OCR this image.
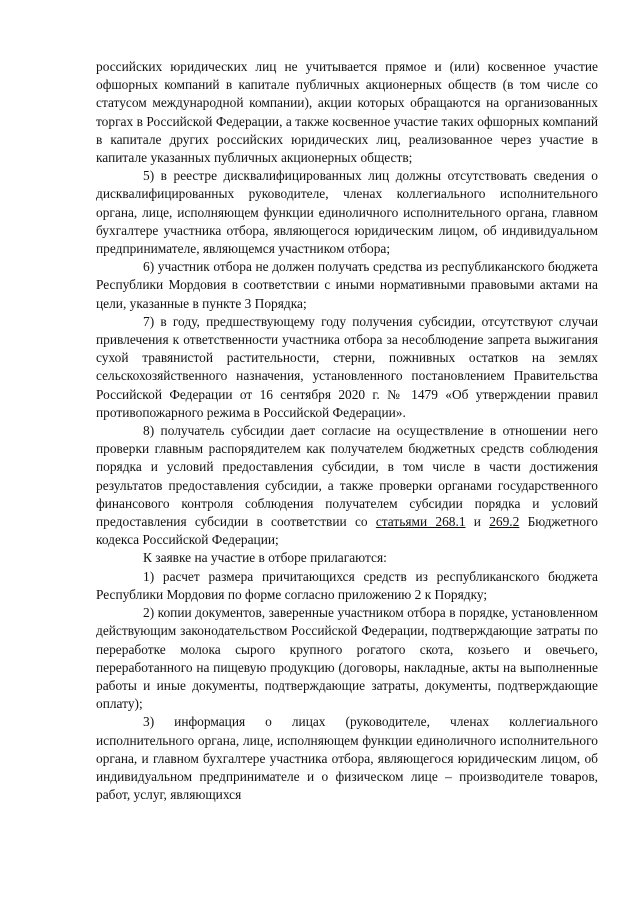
российских юридических лиц не учитывается прямое и (или) косвенное участие офшорных компаний в капитале публичных акционерных обществ (в том числе со статусом международной компании), акции которых обращаются на организованных торгах в Российской Федерации, а также косвенное участие таких офшорных компаний в капитале других российских юридических лиц, реализованное через участие в капитале указанных публичных акционерных обществ;

5) в реестре дисквалифицированных лиц должны отсутствовать сведения о дисквалифицированных руководителе, членах коллегиального исполнительного органа, лице, исполняющем функции единоличного исполнительного органа, главном бухгалтере участника отбора, являющегося юридическим лицом, об индивидуальном предпринимателе, являющемся участником отбора;

6) участник отбора не должен получать средства из республиканского бюджета Республики Мордовия в соответствии с иными нормативными правовыми актами на цели, указанные в пункте 3 Порядка;

7) в году, предшествующему году получения субсидии, отсутствуют случаи привлечения к ответственности участника отбора за несоблюдение запрета выжигания сухой травянистой растительности, стерни, пожнивных остатков на землях сельскохозяйственного назначения, установленного постановлением Правительства Российской Федерации от 16 сентября 2020 г. № 1479 «Об утверждении правил противопожарного режима в Российской Федерации».

8) получатель субсидии дает согласие на осуществление в отношении него проверки главным распорядителем как получателем бюджетных средств соблюдения порядка и условий предоставления субсидии, в том числе в части достижения результатов предоставления субсидии, а также проверки органами государственного финансового контроля соблюдения получателем субсидии порядка и условий предоставления субсидии в соответствии со статьями 268.1 и 269.2 Бюджетного кодекса Российской Федерации;

К заявке на участие в отборе прилагаются:

1) расчет размера причитающихся средств из республиканского бюджета Республики Мордовия по форме согласно приложению 2 к Порядку;

2) копии документов, заверенные участником отбора в порядке, установленном действующим законодательством Российской Федерации, подтверждающие затраты по переработке молока сырого крупного рогатого скота, козьего и овечьего, переработанного на пищевую продукцию (договоры, накладные, акты на выполненные работы и иные документы, подтверждающие затраты, документы, подтверждающие оплату);

3) информация о лицах (руководителе, членах коллегиального исполнительного органа, лице, исполняющем функции единоличного исполнительного органа, и главном бухгалтере участника отбора, являющегося юридическим лицом, об индивидуальном предпринимателе и о физическом лице – производителе товаров, работ, услуг, являющихся
